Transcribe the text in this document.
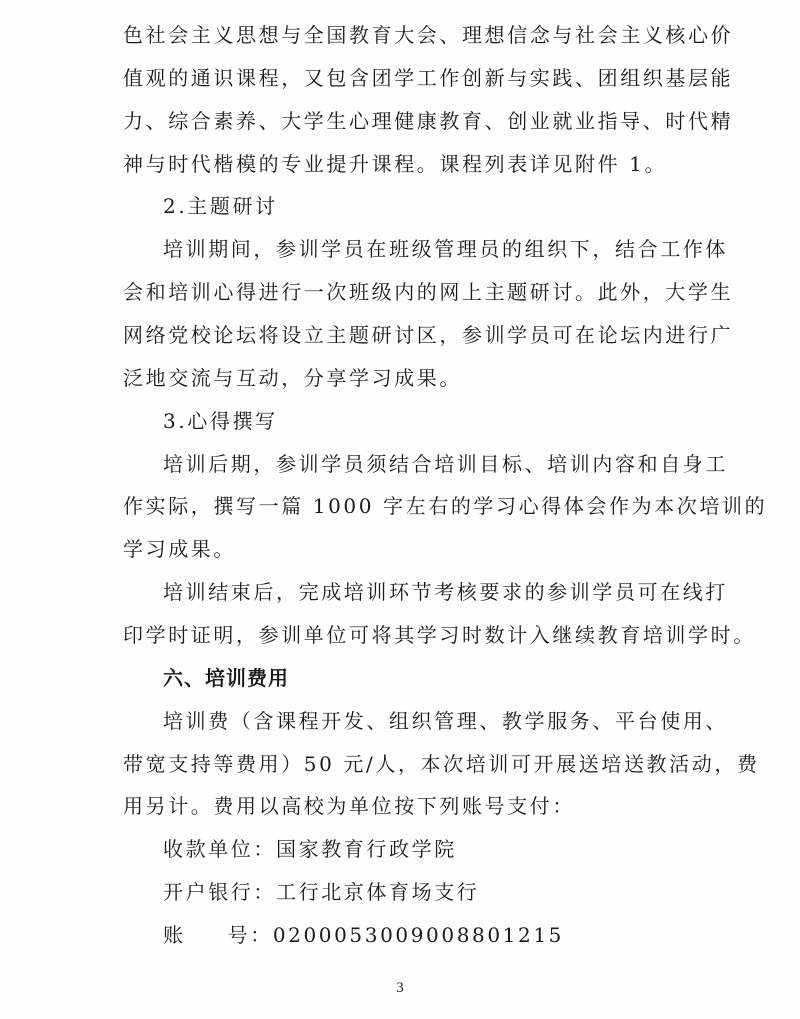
色社会主义思想与全国教育大会、理想信念与社会主义核心价
值观的通识课程，又包含团学工作创新与实践、团组织基层能
力、综合素养、大学生心理健康教育、创业就业指导、时代精
神与时代楷模的专业提升课程。课程列表详见附件 1。
2.主题研讨
培训期间，参训学员在班级管理员的组织下，结合工作体
会和培训心得进行一次班级内的网上主题研讨。此外，大学生
网络党校论坛将设立主题研讨区，参训学员可在论坛内进行广
泛地交流与互动，分享学习成果。
3.心得撰写
培训后期，参训学员须结合培训目标、培训内容和自身工
作实际，撰写一篇 1000 字左右的学习心得体会作为本次培训的
学习成果。
培训结束后，完成培训环节考核要求的参训学员可在线打
印学时证明，参训单位可将其学习时数计入继续教育培训学时。
六、培训费用
培训费（含课程开发、组织管理、教学服务、平台使用、
带宽支持等费用）50 元/人，本次培训可开展送培送教活动，费
用另计。费用以高校为单位按下列账号支付：
收款单位：国家教育行政学院
开户银行：工行北京体育场支行
账 号：0200053009008801215
3
